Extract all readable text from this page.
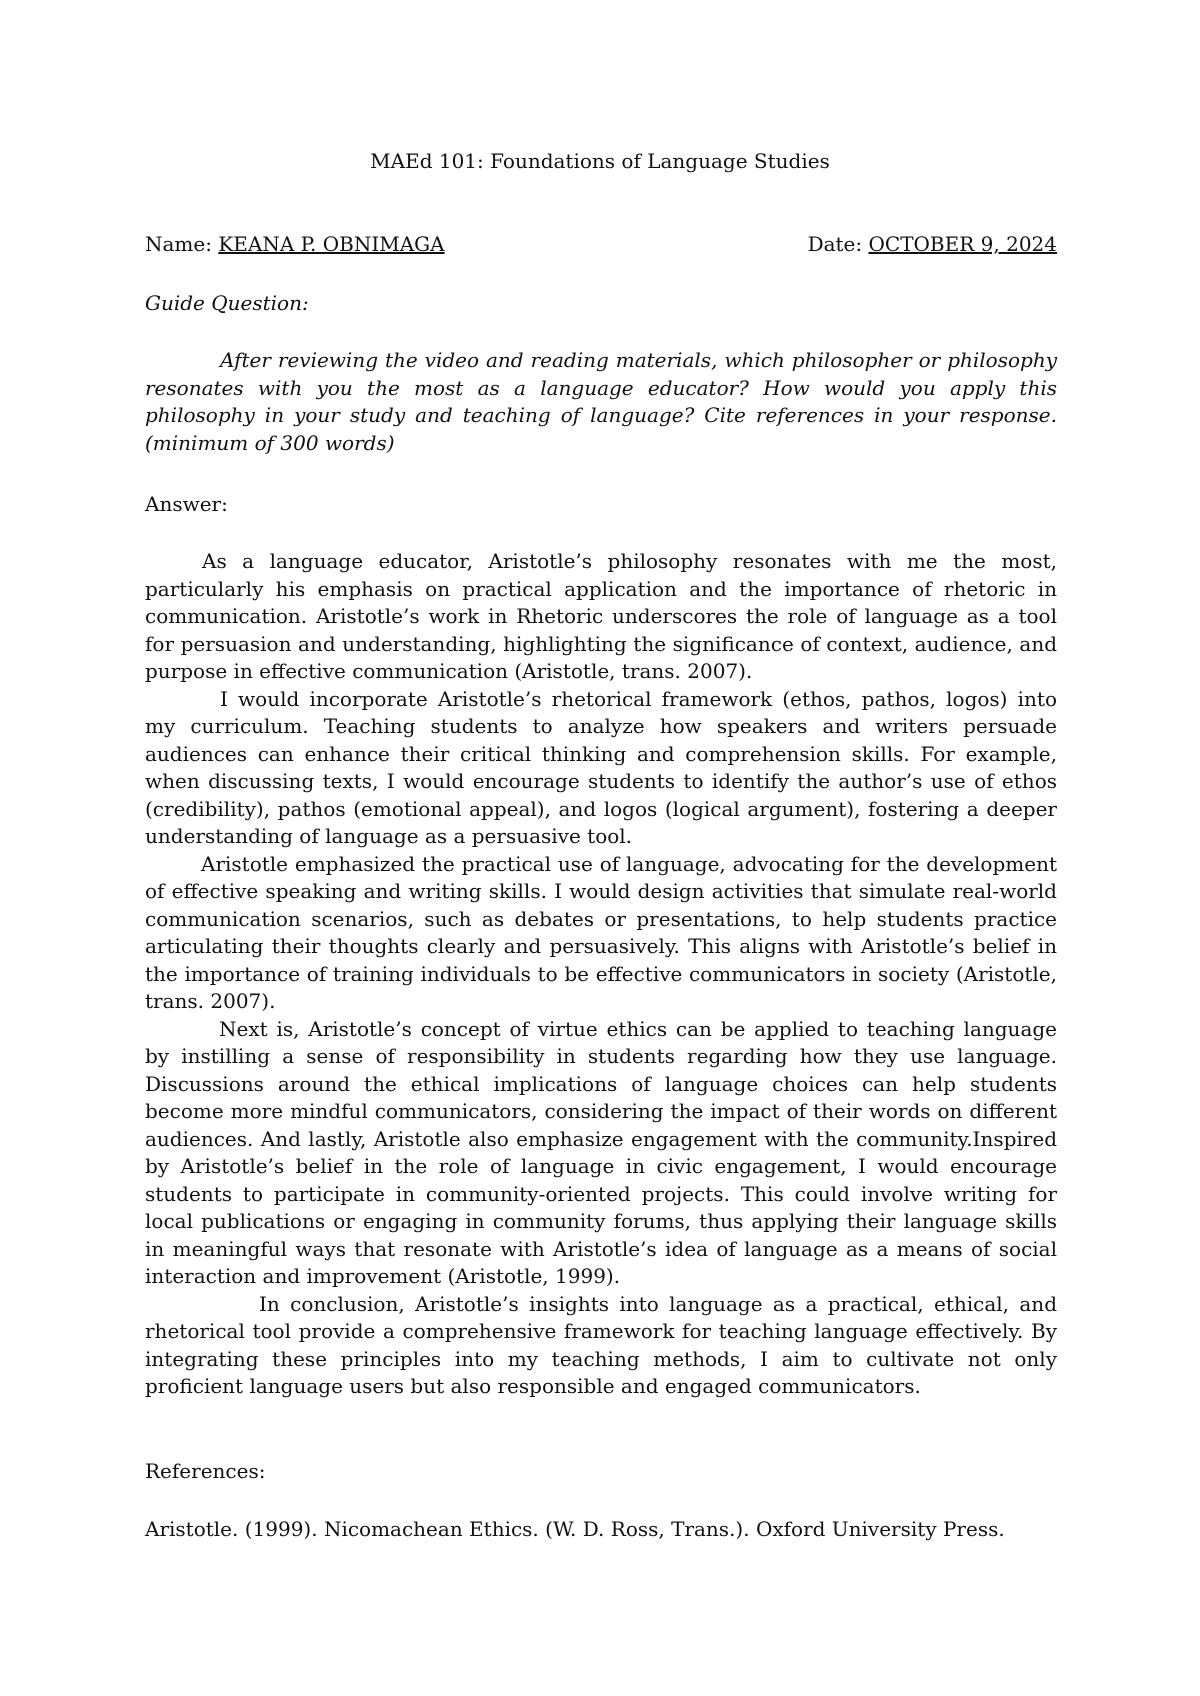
MAEd 101: Foundations of Language Studies
Name: KEANA P. OBNIMAGA	Date: OCTOBER 9, 2024

Guide Question:

After reviewing the video and reading materials, which philosopher or philosophy resonates with you the most as a language educator? How would you apply this philosophy in your study and teaching of language? Cite references in your response. (minimum of 300 words)

Answer:

As a language educator, Aristotle’s philosophy resonates with me the most, particularly his emphasis on practical application and the importance of rhetoric in communication. Aristotle’s work in Rhetoric underscores the role of language as a tool for persuasion and understanding, highlighting the significance of context, audience, and purpose in effective communication (Aristotle, trans. 2007).

I would incorporate Aristotle’s rhetorical framework (ethos, pathos, logos) into my curriculum. Teaching students to analyze how speakers and writers persuade audiences can enhance their critical thinking and comprehension skills. For example, when discussing texts, I would encourage students to identify the author’s use of ethos (credibility), pathos (emotional appeal), and logos (logical argument), fostering a deeper understanding of language as a persuasive tool.

Aristotle emphasized the practical use of language, advocating for the development of effective speaking and writing skills. I would design activities that simulate real-world communication scenarios, such as debates or presentations, to help students practice articulating their thoughts clearly and persuasively. This aligns with Aristotle’s belief in the importance of training individuals to be effective communicators in society (Aristotle, trans. 2007).

Next is, Aristotle’s concept of virtue ethics can be applied to teaching language by instilling a sense of responsibility in students regarding how they use language. Discussions around the ethical implications of language choices can help students become more mindful communicators, considering the impact of their words on different audiences. And lastly, Aristotle also emphasize engagement with the community.Inspired by Aristotle’s belief in the role of language in civic engagement, I would encourage students to participate in community-oriented projects. This could involve writing for local publications or engaging in community forums, thus applying their language skills in meaningful ways that resonate with Aristotle’s idea of language as a means of social interaction and improvement (Aristotle, 1999).

In conclusion, Aristotle’s insights into language as a practical, ethical, and rhetorical tool provide a comprehensive framework for teaching language effectively. By integrating these principles into my teaching methods, I aim to cultivate not only proficient language users but also responsible and engaged communicators.

References:

Aristotle. (1999). Nicomachean Ethics. (W. D. Ross, Trans.). Oxford University Press.
